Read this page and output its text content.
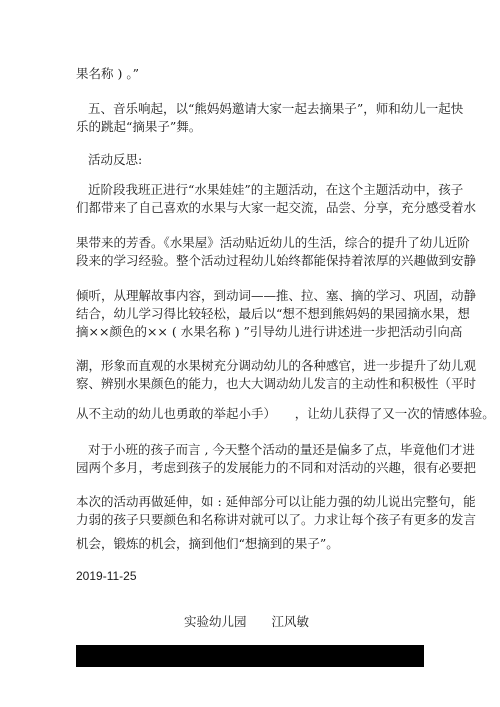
果名称 ) 。”
五、音乐响起，以“熊妈妈邀请大家一起去摘果子”，师和幼儿一起快
乐的跳起“摘果子”舞。
活动反思:
近阶段我班正进行“水果娃娃”的主题活动，在这个主题活动中，孩子
们都带来了自己喜欢的水果与大家一起交流，品尝、分享，充分感受着水
果带来的芳香。《水果屋》活动贴近幼儿的生活，综合的提升了幼儿近阶
段来的学习经验。整个活动过程幼儿始终都能保持着浓厚的兴趣做到安静
倾听，从理解故事内容，到动词——推、拉、塞、摘的学习、巩固，动静
结合，幼儿学习得比较轻松，最后以“想不想到熊妈妈的果园摘水果，想
摘××颜色的×× ( 水果名称 ) ”引导幼儿进行讲述进一步把活动引向高
潮，形象而直观的水果树充分调动幼儿的各种感官，进一步提升了幼儿观
察、辨别水果颜色的能力，也大大调动幼儿发言的主动性和积极性（平时
从不主动的幼儿也勇敢的举起小手）　　，让幼儿获得了又一次的情感体验。
对于小班的孩子而言 , 今天整个活动的量还是偏多了点，毕竟他们才进
园两个多月，考虑到孩子的发展能力的不同和对活动的兴趣，很有必要把
本次的活动再做延伸，如 : 延伸部分可以让能力强的幼儿说出完整句，能
力弱的孩子只要颜色和名称讲对就可以了。力求让每个孩子有更多的发言
机会，锻炼的机会，摘到他们“想摘到的果子”。
2019-11-25
实验幼儿园　　江风敏
